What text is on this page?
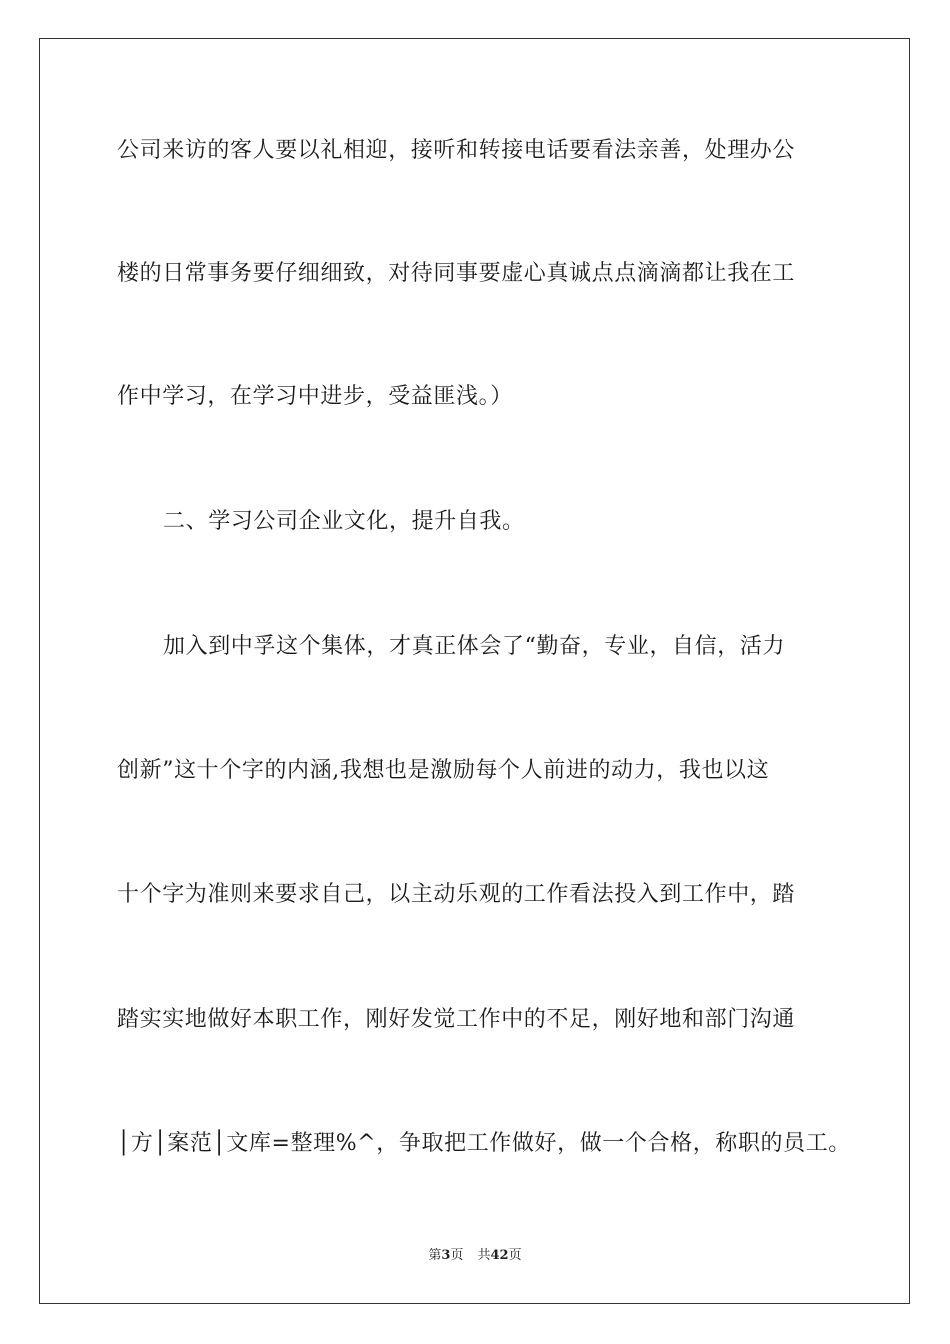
公司来访的客人要以礼相迎，接听和转接电话要看法亲善，处理办公
楼的日常事务要仔细细致，对待同事要虚心真诚点点滴滴都让我在工
作中学习，在学习中进步，受益匪浅。）
二、学习公司企业文化，提升自我。
加入到中孚这个集体，才真正体会了“勤奋，专业，自信，活力
创新”这十个字的内涵,我想也是激励每个人前进的动力，我也以这
十个字为准则来要求自己，以主动乐观的工作看法投入到工作中，踏
踏实实地做好本职工作，刚好发觉工作中的不足，刚好地和部门沟通
│方│案范│文库=整理%^，争取把工作做好，做一个合格，称职的员工。
第3页 共42页
